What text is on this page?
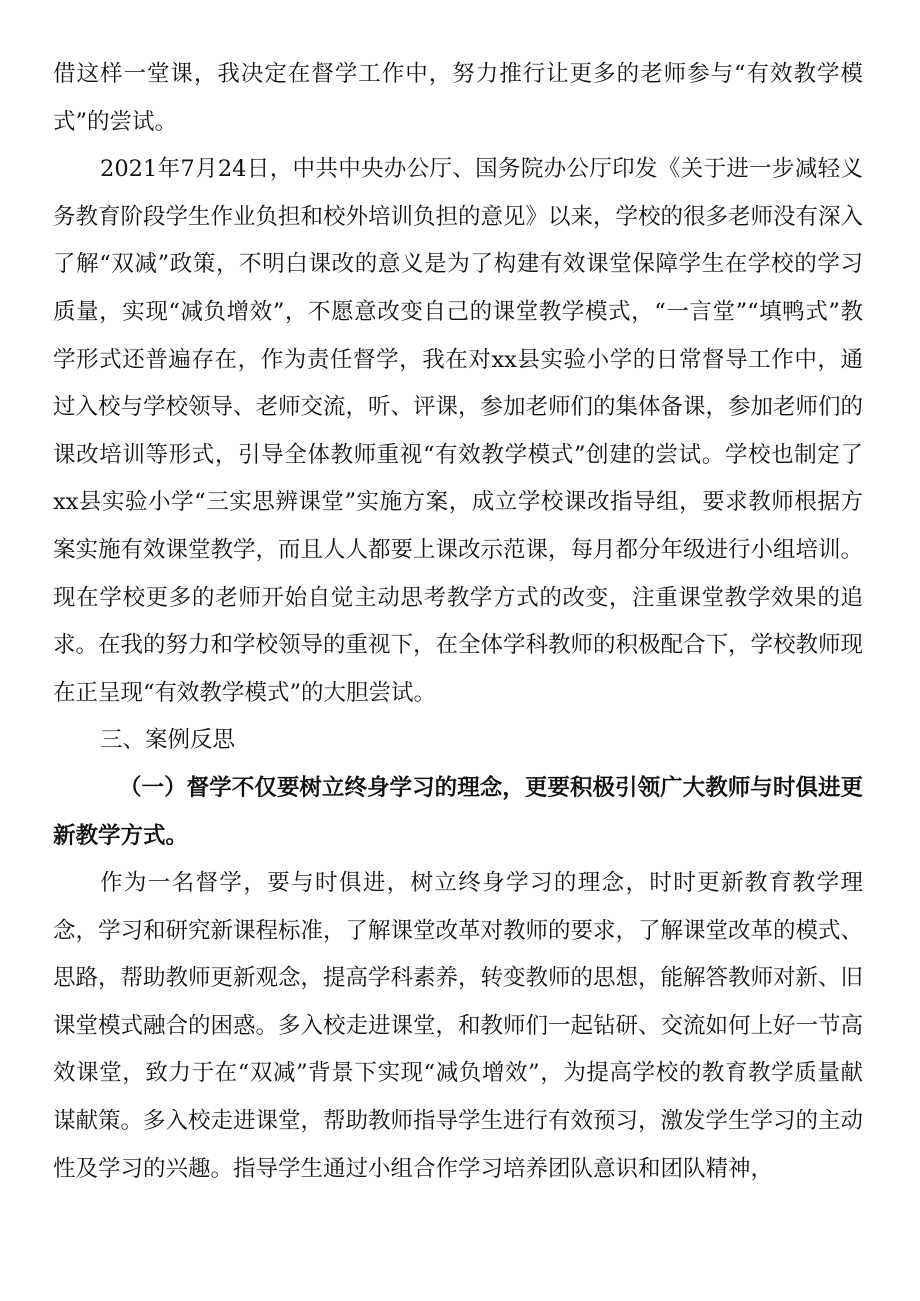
借这样一堂课，我决定在督学工作中，努力推行让更多的老师参与“有效教学模式”的尝试。

2021年7月24日，中共中央办公厅、国务院办公厅印发《关于进一步减轻义务教育阶段学生作业负担和校外培训负担的意见》以来，学校的很多老师没有深入了解“双减”政策，不明白课改的意义是为了构建有效课堂保障学生在学校的学习质量，实现“减负增效”，不愿意改变自己的课堂教学模式，“一言堂”“填鸭式”教学形式还普遍存在，作为责任督学，我在对xx县实验小学的日常督导工作中，通过入校与学校领导、老师交流，听、评课，参加老师们的集体备课，参加老师们的课改培训等形式，引导全体教师重视“有效教学模式”创建的尝试。学校也制定了xx县实验小学“三实思辨课堂”实施方案，成立学校课改指导组，要求教师根据方案实施有效课堂教学，而且人人都要上课改示范课，每月都分年级进行小组培训。现在学校更多的老师开始自觉主动思考教学方式的改变，注重课堂教学效果的追求。在我的努力和学校领导的重视下，在全体学科教师的积极配合下，学校教师现在正呈现“有效教学模式”的大胆尝试。

三、案例反思

（一）督学不仅要树立终身学习的理念，更要积极引领广大教师与时俱进更新教学方式。

作为一名督学，要与时俱进，树立终身学习的理念，时时更新教育教学理念，学习和研究新课程标准，了解课堂改革对教师的要求，了解课堂改革的模式、思路，帮助教师更新观念，提高学科素养，转变教师的思想，能解答教师对新、旧课堂模式融合的困惑。多入校走进课堂，和教师们一起钻研、交流如何上好一节高效课堂，致力于在“双减”背景下实现“减负增效”，为提高学校的教育教学质量献谋献策。多入校走进课堂，帮助教师指导学生进行有效预习，激发学生学习的主动性及学习的兴趣。指导学生通过小组合作学习培养团队意识和团队精神，
